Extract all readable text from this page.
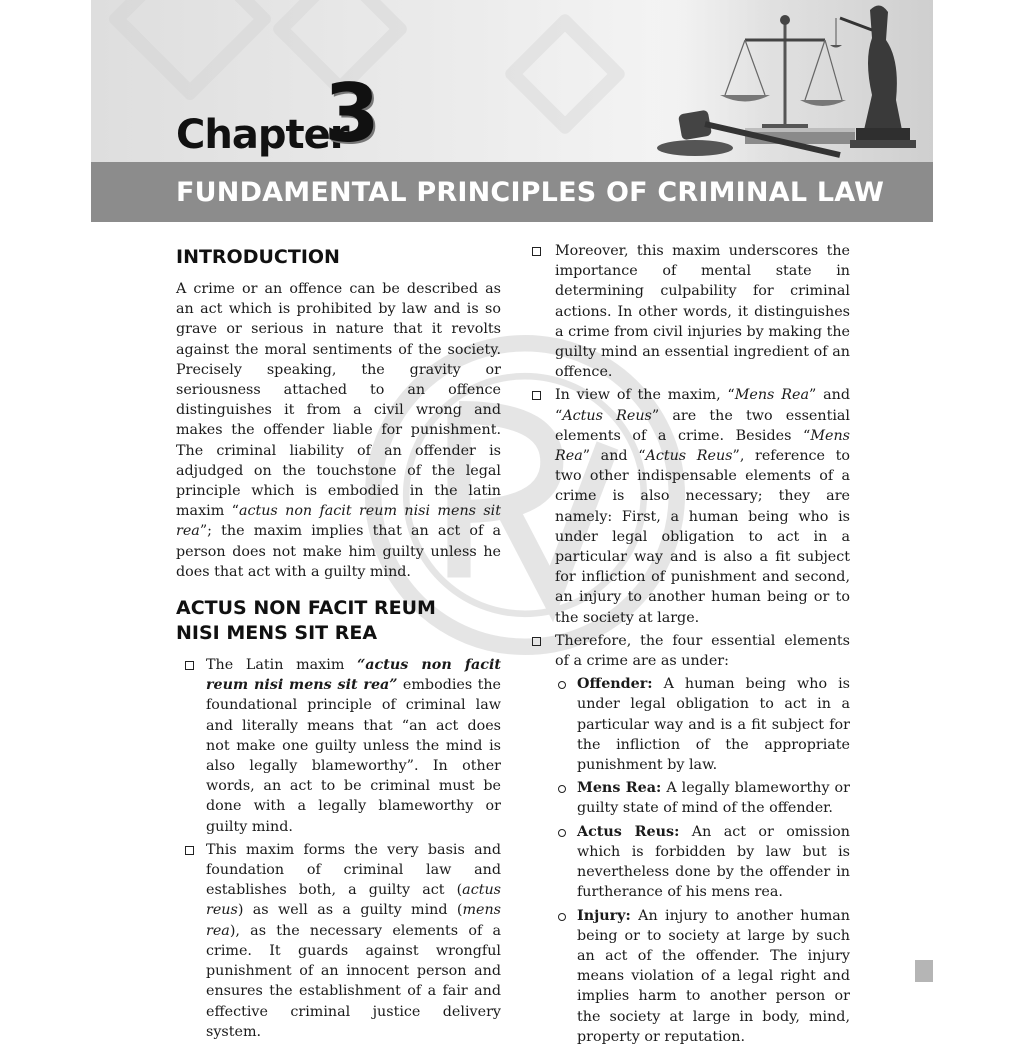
Chapter
3
FUNDAMENTAL PRINCIPLES OF CRIMINAL LAW
INTRODUCTION

A crime or an offence can be described as an act which is prohibited by law and is so grave or serious in nature that it revolts against the moral sentiments of the society. Precisely speaking, the gravity or seriousness attached to an offence distinguishes it from a civil wrong and makes the offender liable for punishment. The criminal liability of an offender is adjudged on the touchstone of the legal principle which is embodied in the latin maxim “actus non facit reum nisi mens sit rea”; the maxim implies that an act of a person does not make him guilty unless he does that act with a guilty mind.

ACTUS NON FACIT REUM
NISI MENS SIT REA
The Latin maxim “actus non facit reum nisi mens sit rea” embodies the foundational principle of criminal law and literally means that “an act does not make one guilty unless the mind is also legally blameworthy”. In other words, an act to be criminal must be done with a legally blameworthy or guilty mind.
This maxim forms the very basis and foundation of criminal law and establishes both, a guilty act (actus reus) as well as a guilty mind (mens rea), as the necessary elements of a crime. It guards against wrongful punishment of an innocent person and ensures the establishment of a fair and effective criminal justice delivery system.
Moreover, this maxim underscores the importance of mental state in determining culpability for criminal actions. In other words, it distinguishes a crime from civil injuries by making the guilty mind an essential ingredient of an offence.
In view of the maxim, “Mens Rea” and “Actus Reus” are the two essential elements of a crime. Besides “Mens Rea” and “Actus Reus”, reference to two other indispensable elements of a crime is also necessary; they are namely: First, a human being who is under legal obligation to act in a particular way and is also a fit subject for infliction of punishment and second, an injury to another human being or to the society at large.
Therefore, the four essential elements of a crime are as under:
Offender: A human being who is under legal obligation to act in a particular way and is a fit subject for the infliction of the appropriate punishment by law.
Mens Rea: A legally blameworthy or guilty state of mind of the offender.
Actus Reus: An act or omission which is forbidden by law but is nevertheless done by the offender in furtherance of his mens rea.
Injury: An injury to another human being or to society at large by such an act of the offender. The injury means violation of a legal right and implies harm to another person or the society at large in body, mind, property or reputation.
